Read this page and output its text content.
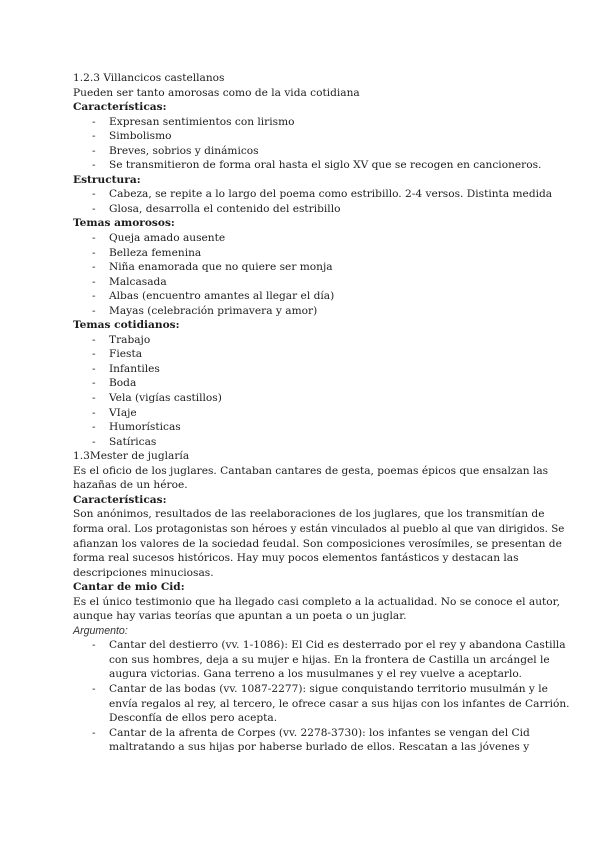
1.2.3 Villancicos castellanos
Pueden ser tanto amorosas como de la vida cotidiana
Características:
- Expresan sentimientos con lirismo
- Simbolismo
- Breves, sobrios y dinámicos
- Se transmitieron de forma oral hasta el siglo XV que se recogen en cancioneros.
Estructura:
- Cabeza, se repite a lo largo del poema como estribillo. 2-4 versos. Distinta medida
- Glosa, desarrolla el contenido del estribillo
Temas amorosos:
- Queja amado ausente
- Belleza femenina
- Niña enamorada que no quiere ser monja
- Malcasada
- Albas (encuentro amantes al llegar el día)
- Mayas (celebración primavera y amor)
Temas cotidianos:
- Trabajo
- Fiesta
- Infantiles
- Boda
- Vela (vigías castillos)
- VIaje
- Humorísticas
- Satíricas
1.3Mester de juglaría
Es el oficio de los juglares. Cantaban cantares de gesta, poemas épicos que ensalzan las
hazañas de un héroe.
Características:
Son anónimos, resultados de las reelaboraciones de los juglares, que los transmitían de
forma oral. Los protagonistas son héroes y están vinculados al pueblo al que van dirigidos. Se
afianzan los valores de la sociedad feudal. Son composiciones verosímiles, se presentan de
forma real sucesos históricos. Hay muy pocos elementos fantásticos y destacan las
descripciones minuciosas.
Cantar de mio Cid:
Es el único testimonio que ha llegado casi completo a la actualidad. No se conoce el autor,
aunque hay varias teorías que apuntan a un poeta o un juglar.
Argumento:
- Cantar del destierro (vv. 1-1086): El Cid es desterrado por el rey y abandona Castilla
con sus hombres, deja a su mujer e hijas. En la frontera de Castilla un arcángel le
augura victorias. Gana terreno a los musulmanes y el rey vuelve a aceptarlo.
- Cantar de las bodas (vv. 1087-2277): sigue conquistando territorio musulmán y le
envía regalos al rey, al tercero, le ofrece casar a sus hijas con los infantes de Carrión.
Desconfía de ellos pero acepta.
- Cantar de la afrenta de Corpes (vv. 2278-3730): los infantes se vengan del Cid
maltratando a sus hijas por haberse burlado de ellos. Rescatan a las jóvenes y
